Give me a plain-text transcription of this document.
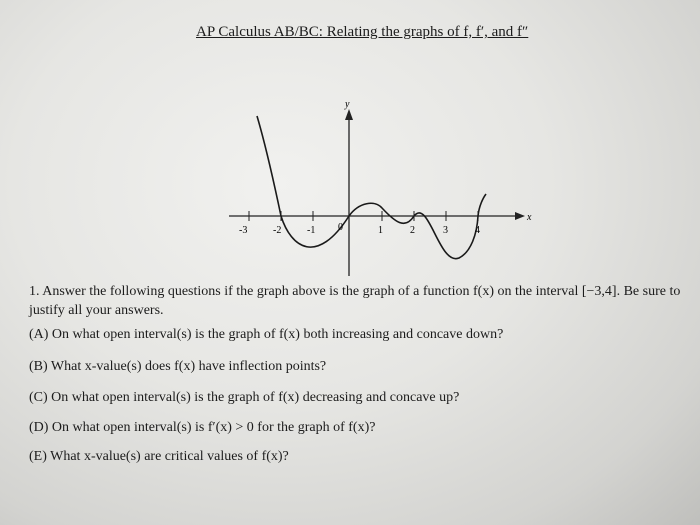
AP Calculus AB/BC: Relating the graphs of f, f′, and f″
y
x
-3	-2	-1 0	1	2	3	4
1. Answer the following questions if the graph above is the graph of a function f(x) on the interval [−3,4]. Be sure to justify all your answers.
(A) On what open interval(s) is the graph of f(x) both increasing and concave down?
(B) What x-value(s) does f(x) have inflection points?
(C) On what open interval(s) is the graph of f(x) decreasing and concave up?
(D) On what open interval(s) is f′(x) > 0 for the graph of f(x)?
(E) What x-value(s) are critical values of f(x)?
